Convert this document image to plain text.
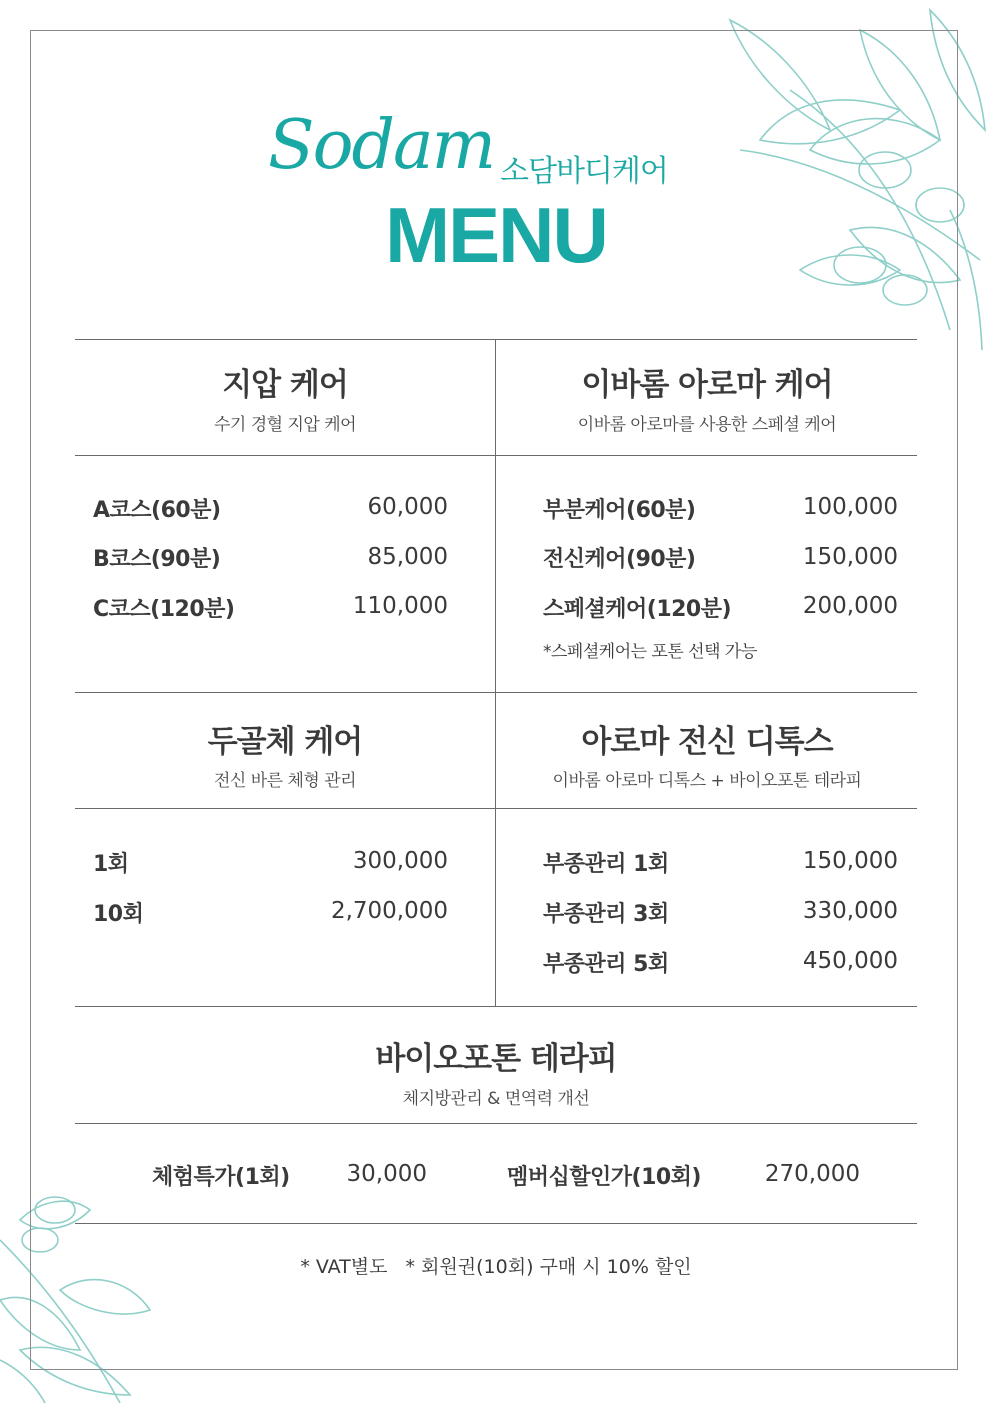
Sodam 소담바디케어
MENU
지압 케어
수기 경혈 지압 케어
A코스(60분)	60,000
B코스(90분)	85,000
C코스(120분)	110,000
이바롬 아로마 케어
이바롬 아로마를 사용한 스페셜 케어
부분케어(60분)	100,000
전신케어(90분)	150,000
스페셜케어(120분)	200,000
*스페셜케어는 포톤 선택 가능
두골체 케어
전신 바른 체형 관리
1회	300,000
10회	2,700,000
아로마 전신 디톡스
이바롬 아로마 디톡스 + 바이오포톤 테라피
부종관리 1회	150,000
부종관리 3회	330,000
부종관리 5회	450,000
바이오포톤 테라피
체지방관리 & 면역력 개선
체험특가(1회)	30,000	멤버십할인가(10회)	270,000
* VAT별도 * 회원권(10회) 구매 시 10% 할인
